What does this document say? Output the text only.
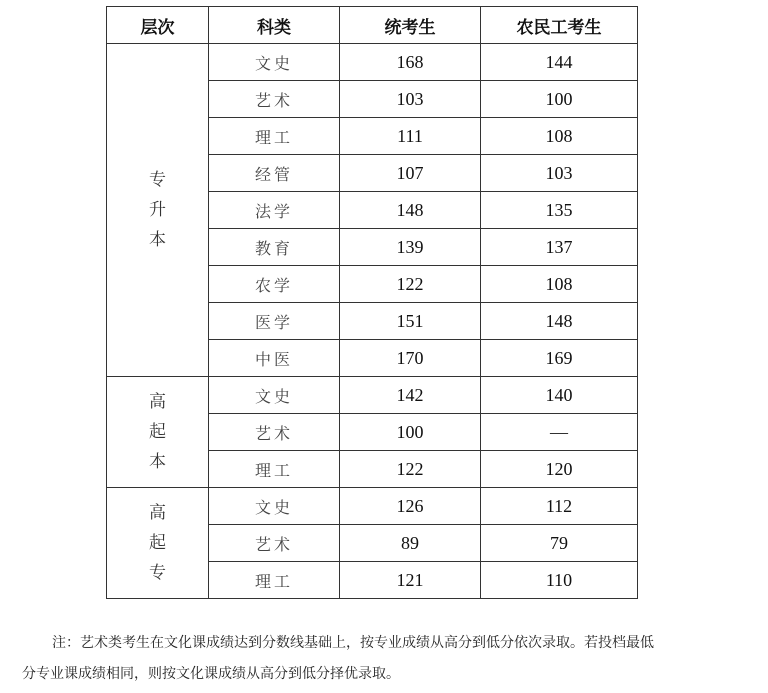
层次	科类	统考生	农民工考生

专
升
本	文史	168	144
	艺术	103	100
	理工	111	108
	经管	107	103
	法学	148	135
	教育	139	137
	农学	122	108
	医学	151	148
	中医	170	169

高
起
本	文史	142	140
	艺术	100	—
	理工	122	120

高
起
专	文史	126	112
	艺术	89	79
	理工	121	110

注：艺术类考生在文化课成绩达到分数线基础上，按专业成绩从高分到低分依次录取。若投档最低

分专业课成绩相同，则按文化课成绩从高分到低分择优录取。
